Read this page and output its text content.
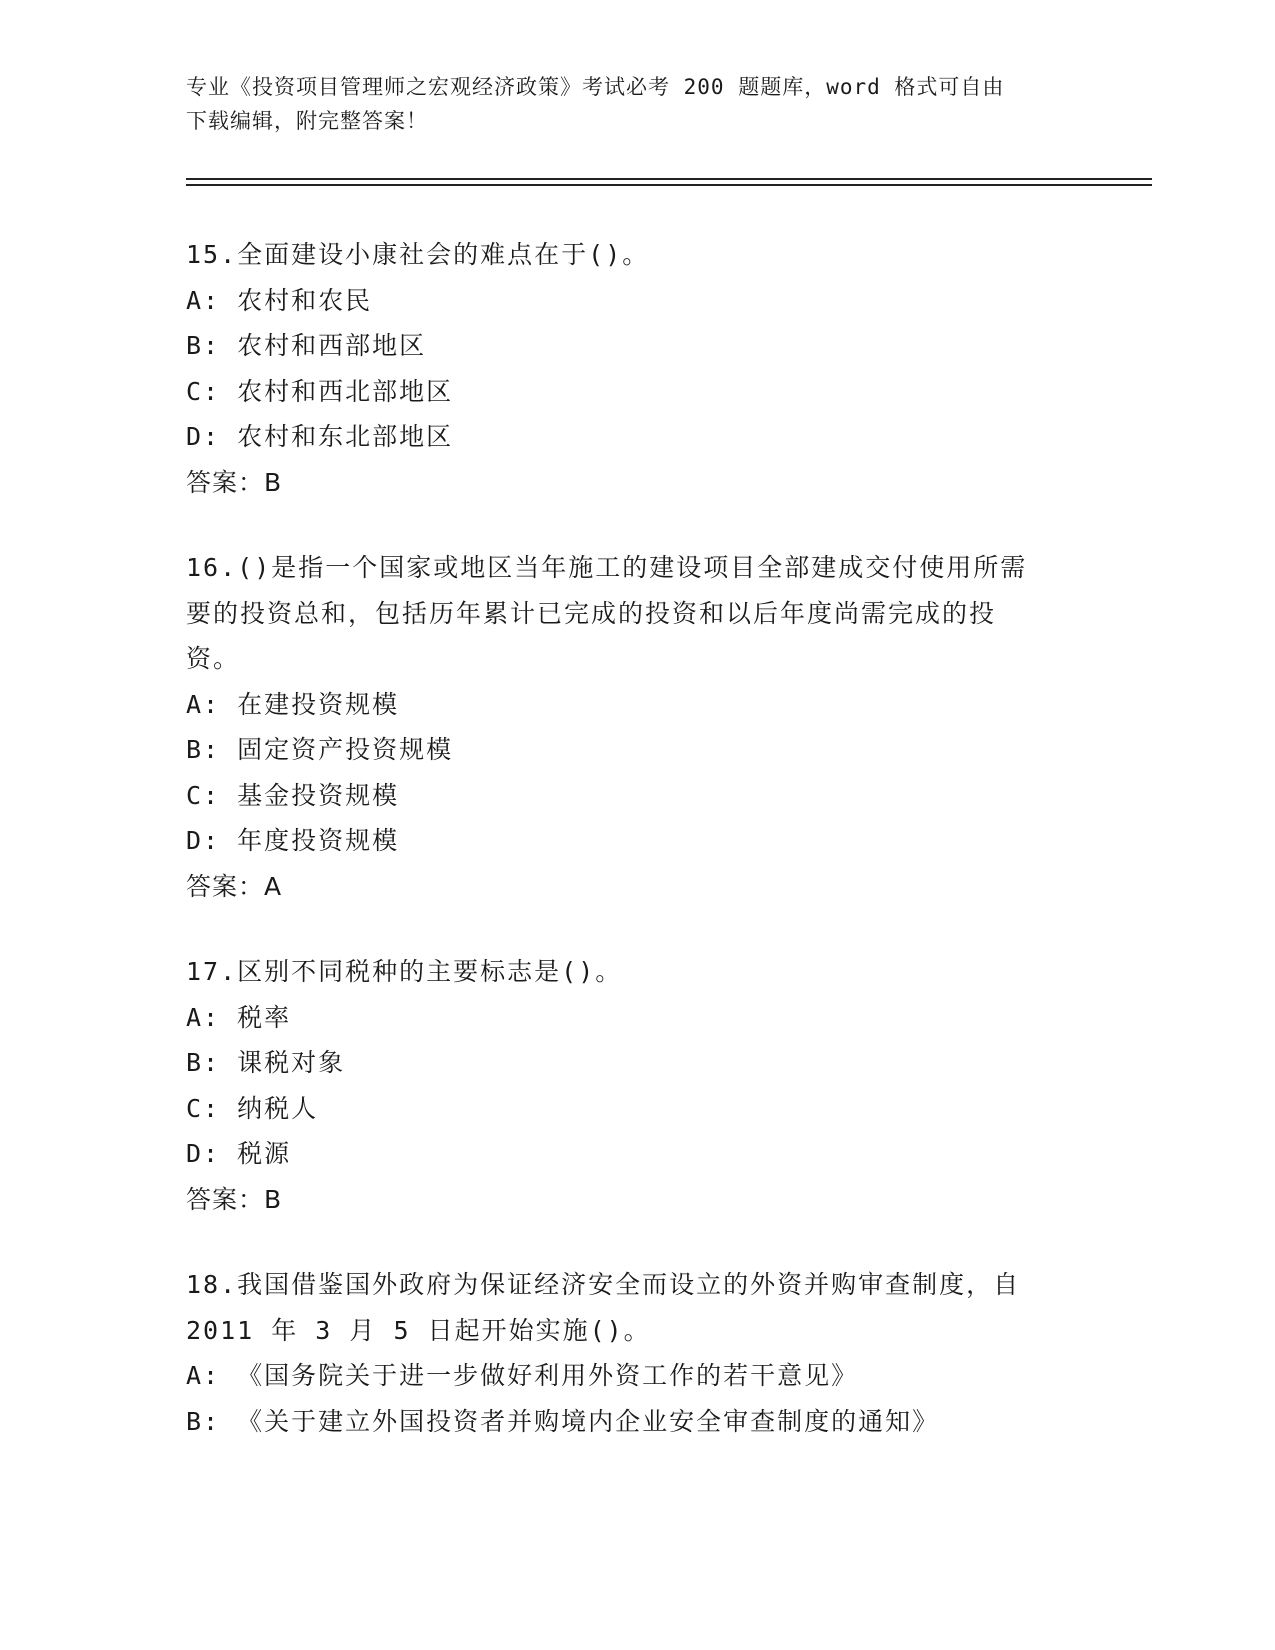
专业《投资项目管理师之宏观经济政策》考试必考 200 题题库，word 格式可自由
下载编辑，附完整答案！
15.全面建设小康社会的难点在于()。
A: 农村和农民
B: 农村和西部地区
C: 农村和西北部地区
D: 农村和东北部地区
答案：B
16.()是指一个国家或地区当年施工的建设项目全部建成交付使用所需
要的投资总和，包括历年累计已完成的投资和以后年度尚需完成的投
资。
A: 在建投资规模
B: 固定资产投资规模
C: 基金投资规模
D: 年度投资规模
答案：A
17.区别不同税种的主要标志是()。
A: 税率
B: 课税对象
C: 纳税人
D: 税源
答案：B
18.我国借鉴国外政府为保证经济安全而设立的外资并购审查制度，自
2011 年 3 月 5 日起开始实施()。
A: 《国务院关于进一步做好利用外资工作的若干意见》
B: 《关于建立外国投资者并购境内企业安全审查制度的通知》
